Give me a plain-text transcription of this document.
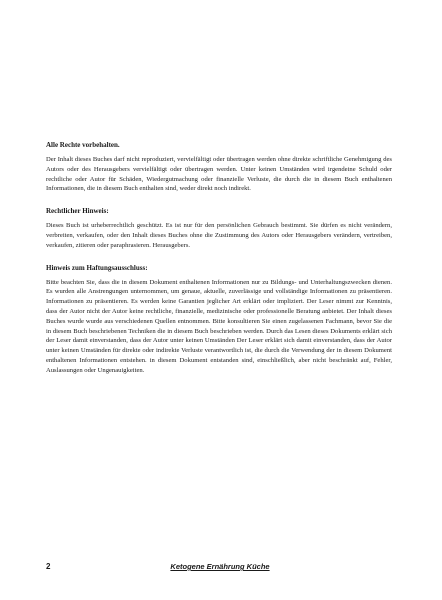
Alle Rechte vorbehalten.

Der Inhalt dieses Buches darf nicht reproduziert, vervielfältigt oder übertragen werden ohne direkte schriftliche Genehmigung des Autors oder des Herausgebers vervielfältigt oder übertragen werden. Unter keinen Umständen wird irgendeine Schuld oder rechtliche oder Autor für Schäden, Wiedergutmachung oder finanzielle Verluste, die durch die in diesem Buch enthaltenen Informationen, die in diesem Buch enthalten sind, weder direkt noch indirekt.

Rechtlicher Hinweis:

Dieses Buch ist urheberrechtlich geschützt. Es ist nur für den persönlichen Gebrauch bestimmt. Sie dürfen es nicht verändern, verbreiten, verkaufen, oder den Inhalt dieses Buches ohne die Zustimmung des Autors oder Herausgebers verändern, vertreiben, verkaufen, zitieren oder paraphrasieren. Herausgebers.

Hinweis zum Haftungsausschluss:

Bitte beachten Sie, dass die in diesem Dokument enthaltenen Informationen nur zu Bildungs- und Unterhaltungszwecken dienen. Es wurden alle Anstrengungen unternommen, um genaue, aktuelle, zuverlässige und vollständige Informationen zu präsentieren. Informationen zu präsentieren. Es werden keine Garantien jeglicher Art erklärt oder impliziert. Der Leser nimmt zur Kenntnis, dass der Autor nicht der Autor keine rechtliche, finanzielle, medizinische oder professionelle Beratung anbietet. Der Inhalt dieses Buches wurde wurde aus verschiedenen Quellen entnommen. Bitte konsultieren Sie einen zugelassenen Fachmann, bevor Sie die in diesem Buch beschriebenen Techniken die in diesem Buch beschrieben werden. Durch das Lesen dieses Dokuments erklärt sich der Leser damit einverstanden, dass der Autor unter keinen Umständen Der Leser erklärt sich damit einverstanden, dass der Autor unter keinen Umständen für direkte oder indirekte Verluste verantwortlich ist, die durch die Verwendung der in diesem Dokument enthaltenen Informationen entstehen. in diesem Dokument entstanden sind, einschließlich, aber nicht beschränkt auf, Fehler, Auslassungen oder Ungenauigkeiten.

2	Ketogene Ernährung Küche
